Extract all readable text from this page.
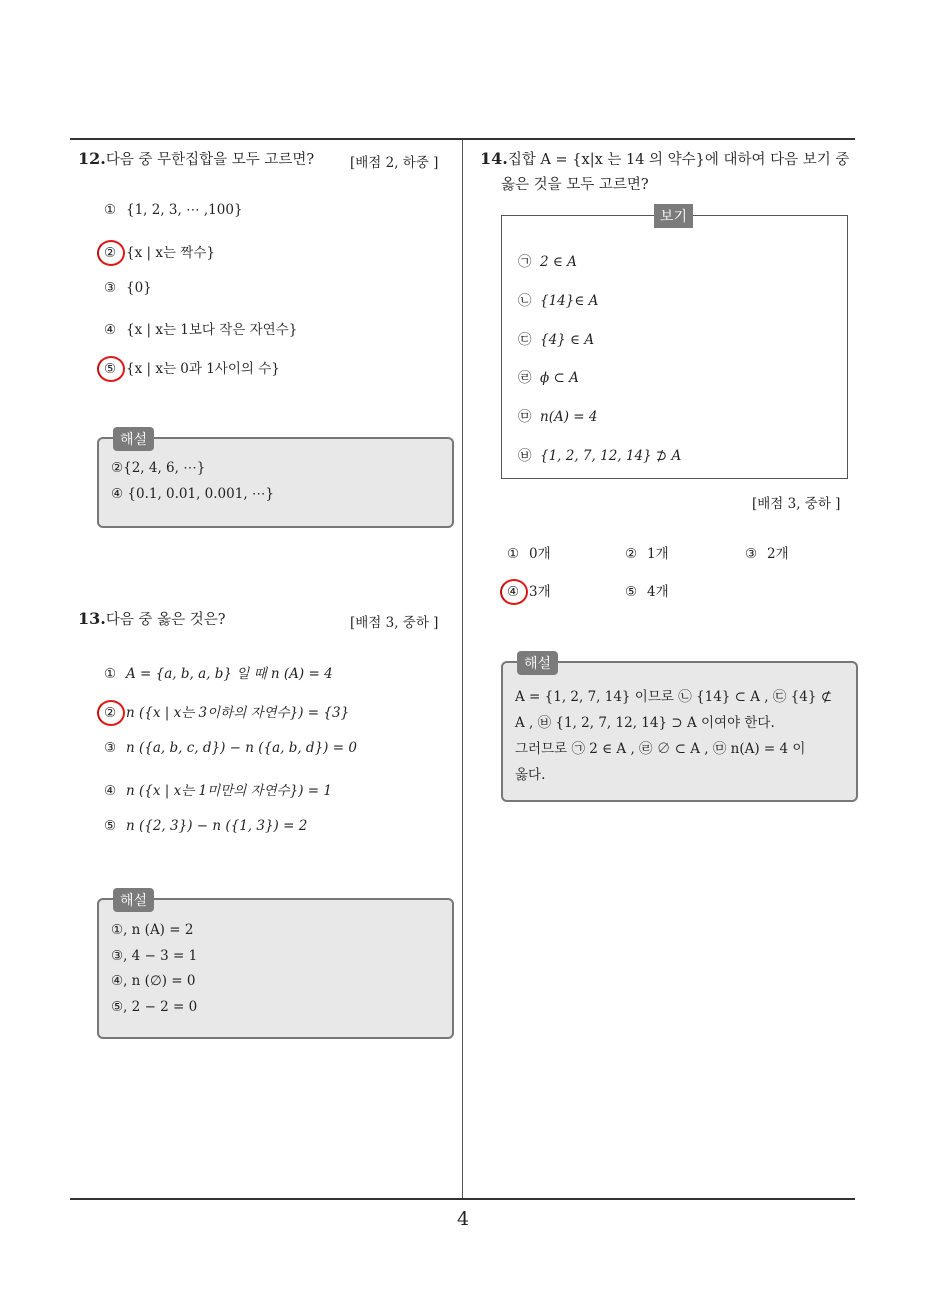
12.다음 중 무한집합을 모두 고르면?	[배점 2, 하중 ]
① {1, 2, 3, ⋯ ,100}
② {x | x는 짝수}
③ {0}
④ {x | x는 1보다 작은 자연수}
⑤ {x | x는 0과 1사이의 수}
해설
②{2, 4, 6, ⋯}
④ {0.1, 0.01, 0.001, ⋯}
13.다음 중 옳은 것은?	[배점 3, 중하 ]
① A = {a, b, a, b} 일 때 n (A) = 4
② n ({x | x는 3이하의 자연수}) = {3}
③ n ({a, b, c, d}) − n ({a, b, d}) = 0
④ n ({x | x는 1미만의 자연수}) = 1
⑤ n ({2, 3}) − n ({1, 3}) = 2
해설
①, n (A) = 2
③, 4 − 3 = 1
④, n (∅) = 0
⑤, 2 − 2 = 0
14.집합 A = {x|x 는 14 의 약수}에 대하여 다음 보기 중
옳은 것을 모두 고르면?
보기
㉠ 2 ∈ A
㉡ {14}∈ A
㉢ {4} ∈ A
㉣ ϕ ⊂ A
㉤ n(A) = 4
㉥ {1, 2, 7, 12, 14} ⊅ A
[배점 3, 중하 ]
① 0개	② 1개	③ 2개
④ 3개	⑤ 4개
해설
A = {1, 2, 7, 14} 이므로 ㉡ {14} ⊂ A , ㉢ {4} ⊄
A , ㉥ {1, 2, 7, 12, 14} ⊃ A 이여야 한다.
그러므로 ㉠ 2 ∈ A , ㉣ ∅ ⊂ A , ㉤ n(A) = 4 이
옳다.
4
